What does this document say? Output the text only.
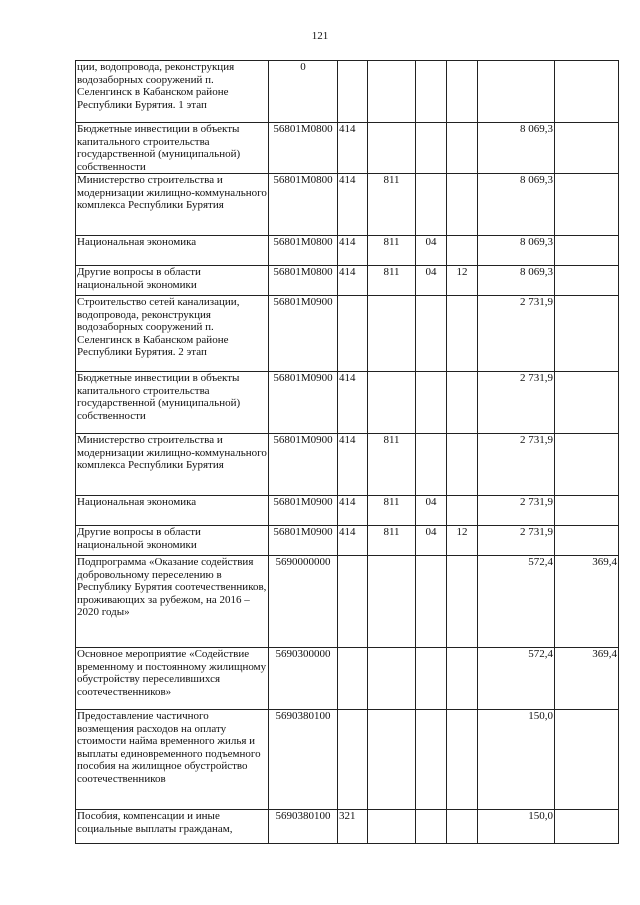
121
ции, водопровода, реконструкция водозаборных сооружений п. Селенгинск в Кабанском районе Республики Бурятия. 1 этап	0						
Бюджетные инвестиции в объекты капитального строительства государственной (муниципальной) собственности	56801M0800	414				8 069,3	
Министерство строительства и модернизации жилищно-коммунального комплекса Республики Бурятия	56801M0800	414	811			8 069,3	
Национальная экономика	56801M0800	414	811	04		8 069,3	
Другие вопросы в области национальной экономики	56801M0800	414	811	04	12	8 069,3	
Строительство сетей канализации, водопровода, реконструкция водозаборных сооружений п. Селенгинск в Кабанском районе Республики Бурятия. 2 этап	56801M0900					2 731,9	
Бюджетные инвестиции в объекты капитального строительства государственной (муниципальной) собственности	56801M0900	414				2 731,9	
Министерство строительства и модернизации жилищно-коммунального комплекса Республики Бурятия	56801M0900	414	811			2 731,9	
Национальная экономика	56801M0900	414	811	04		2 731,9	
Другие вопросы в области национальной экономики	56801M0900	414	811	04	12	2 731,9	
Подпрограмма «Оказание содействия добровольному переселению в Республику Бурятия соотечественников, проживающих за рубежом, на 2016 – 2020 годы»	5690000000					572,4	369,4
Основное мероприятие «Содействие временному и постоянному жилищному обустройству переселившихся соотечественников»	5690300000					572,4	369,4
Предоставление частичного возмещения расходов на оплату стоимости найма временного жилья и выплаты единовременного подъемного пособия на жилищное обустройство соотечественников	5690380100					150,0	
Пособия, компенсации и иные социальные выплаты гражданам,	5690380100	321				150,0	
